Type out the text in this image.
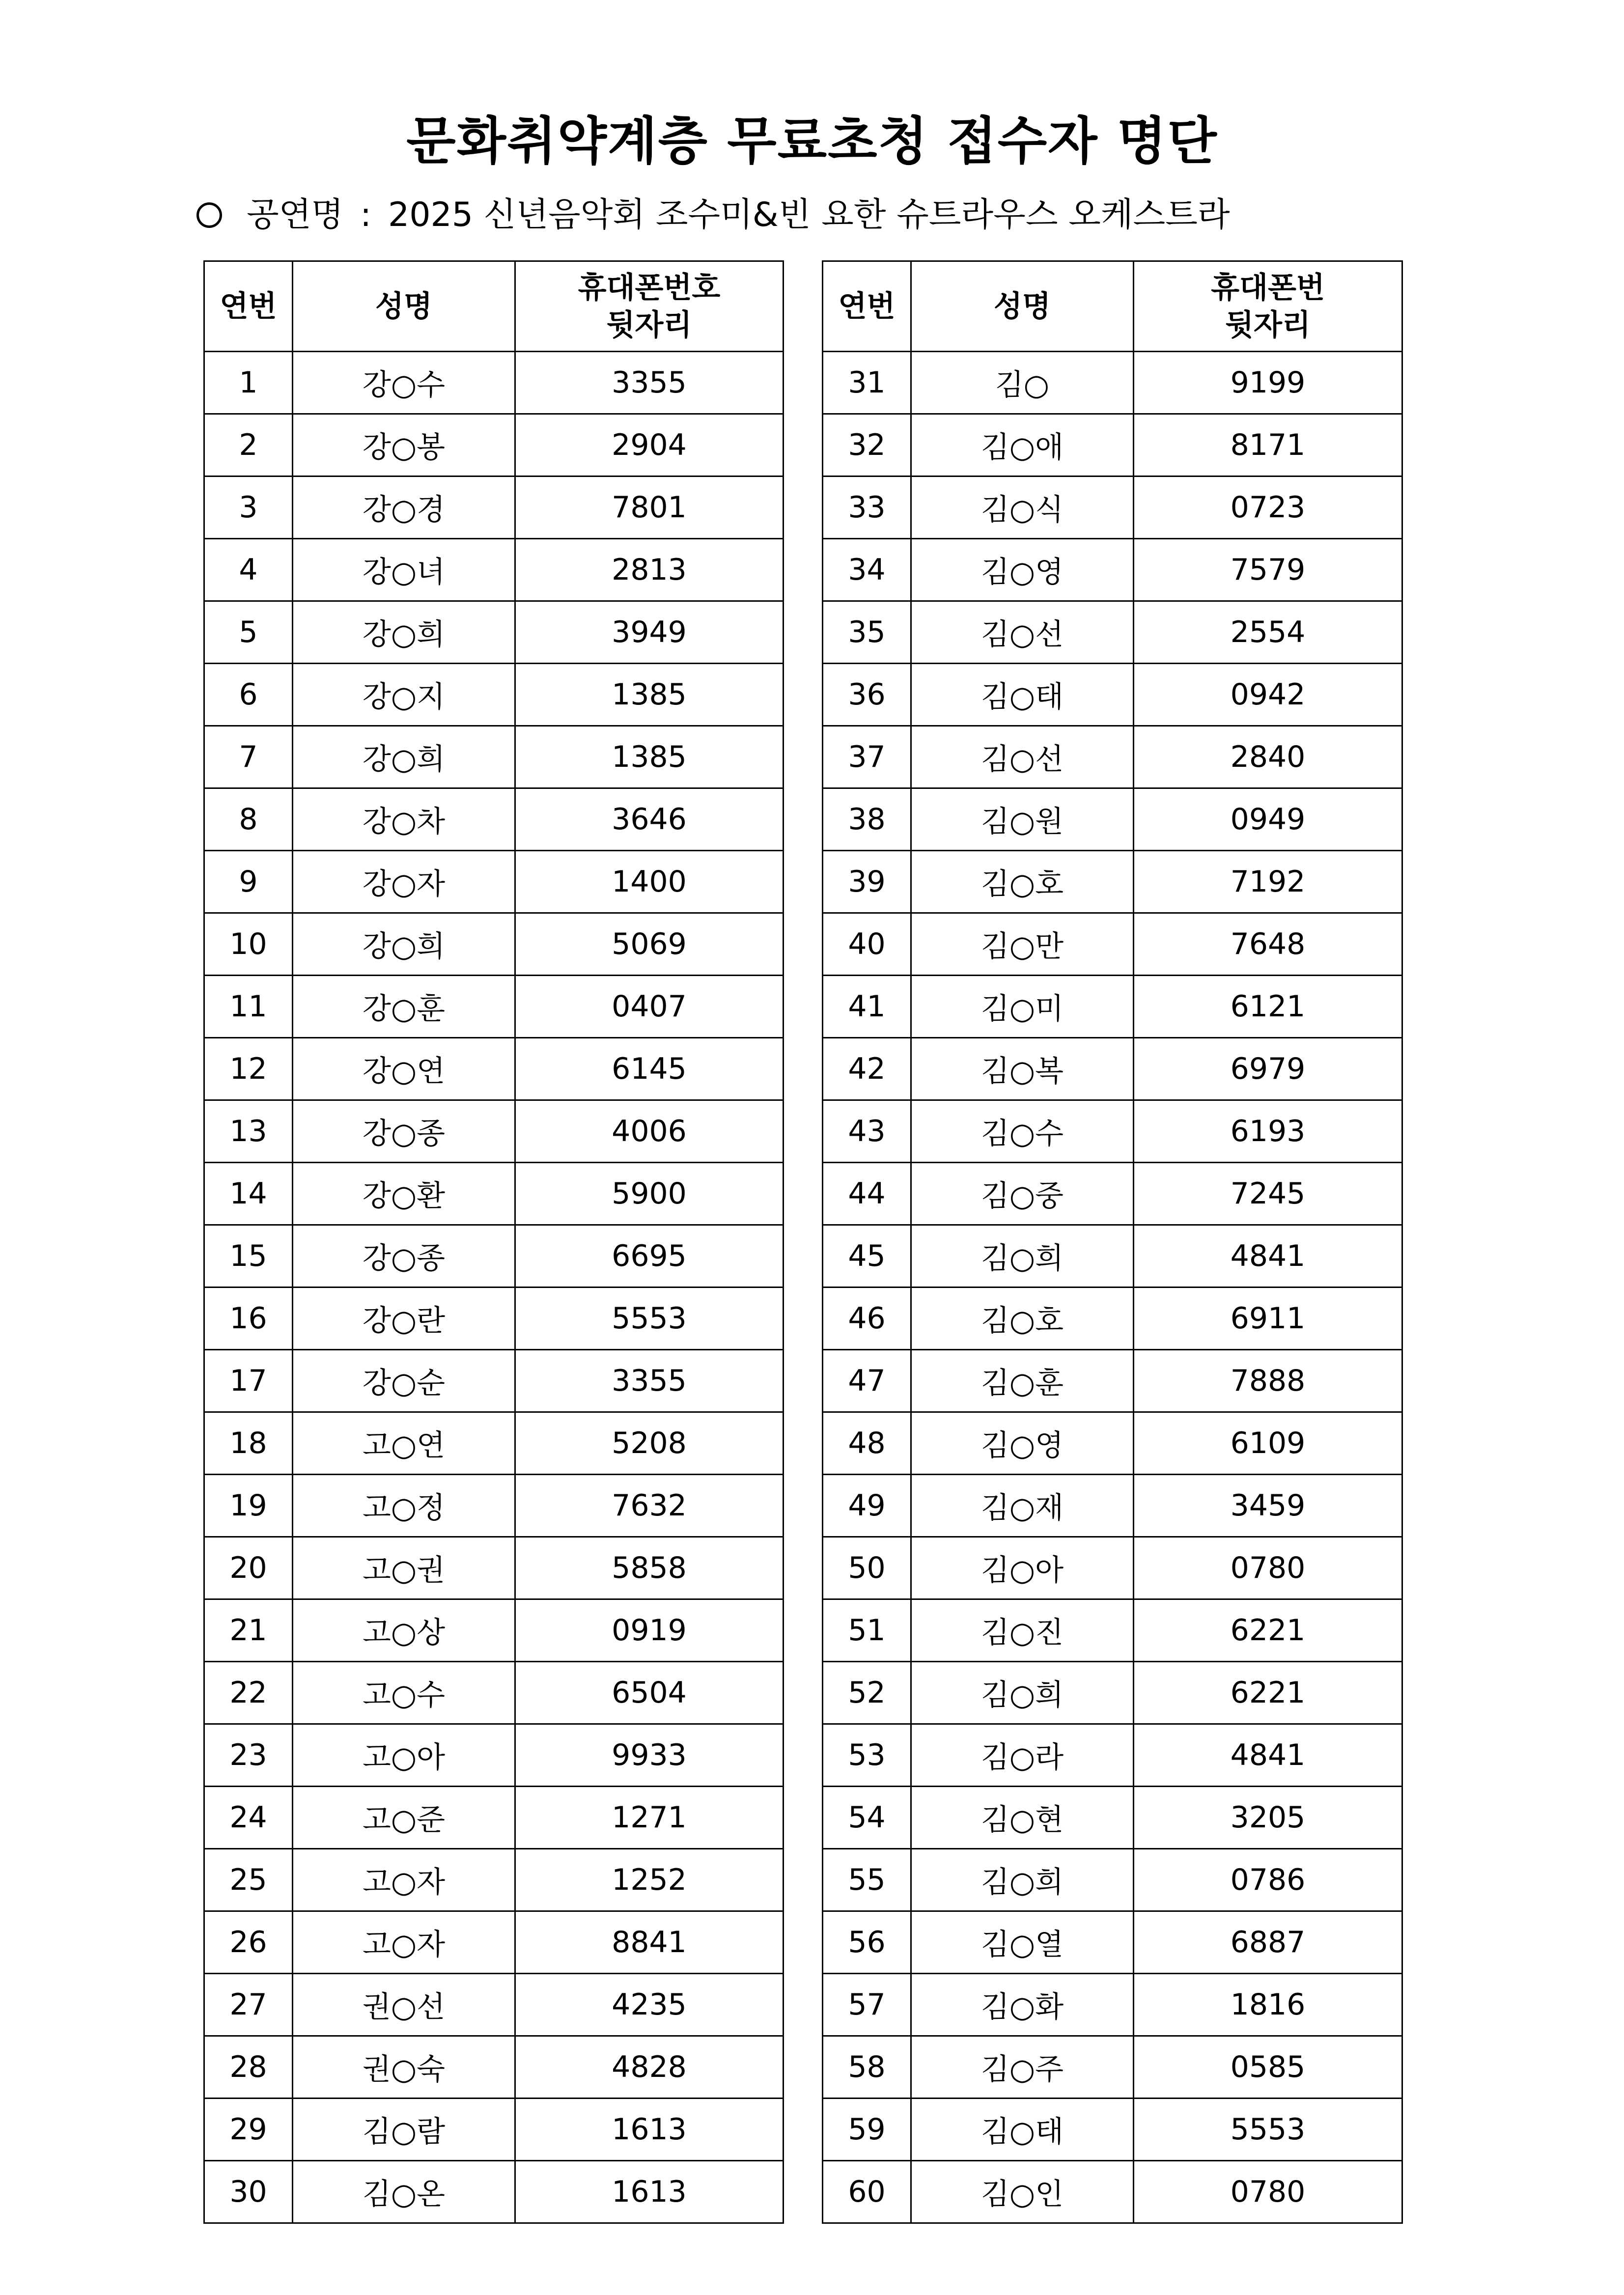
문화취약계층 무료초청 접수자 명단
공연명 : 2025 신년음악회 조수미&빈 요한 슈트라우스 오케스트라
연번	성명	휴대폰번호
뒷자리

1	강○수	3355
2	강○봉	2904
3	강○경	7801
4	강○녀	2813
5	강○희	3949
6	강○지	1385
7	강○희	1385
8	강○차	3646
9	강○자	1400
10	강○희	5069
11	강○훈	0407
12	강○연	6145
13	강○종	4006
14	강○환	5900
15	강○종	6695
16	강○란	5553
17	강○순	3355
18	고○연	5208
19	고○정	7632
20	고○권	5858
21	고○상	0919
22	고○수	6504
23	고○아	9933
24	고○준	1271
25	고○자	1252
26	고○자	8841
27	권○선	4235
28	권○숙	4828
29	김○람	1613
30	김○온	1613
연번	성명	휴대폰번
뒷자리

31	김○	9199
32	김○애	8171
33	김○식	0723
34	김○영	7579
35	김○선	2554
36	김○태	0942
37	김○선	2840
38	김○원	0949
39	김○호	7192
40	김○만	7648
41	김○미	6121
42	김○복	6979
43	김○수	6193
44	김○중	7245
45	김○희	4841
46	김○호	6911
47	김○훈	7888
48	김○영	6109
49	김○재	3459
50	김○아	0780
51	김○진	6221
52	김○희	6221
53	김○라	4841
54	김○현	3205
55	김○희	0786
56	김○열	6887
57	김○화	1816
58	김○주	0585
59	김○태	5553
60	김○인	0780
